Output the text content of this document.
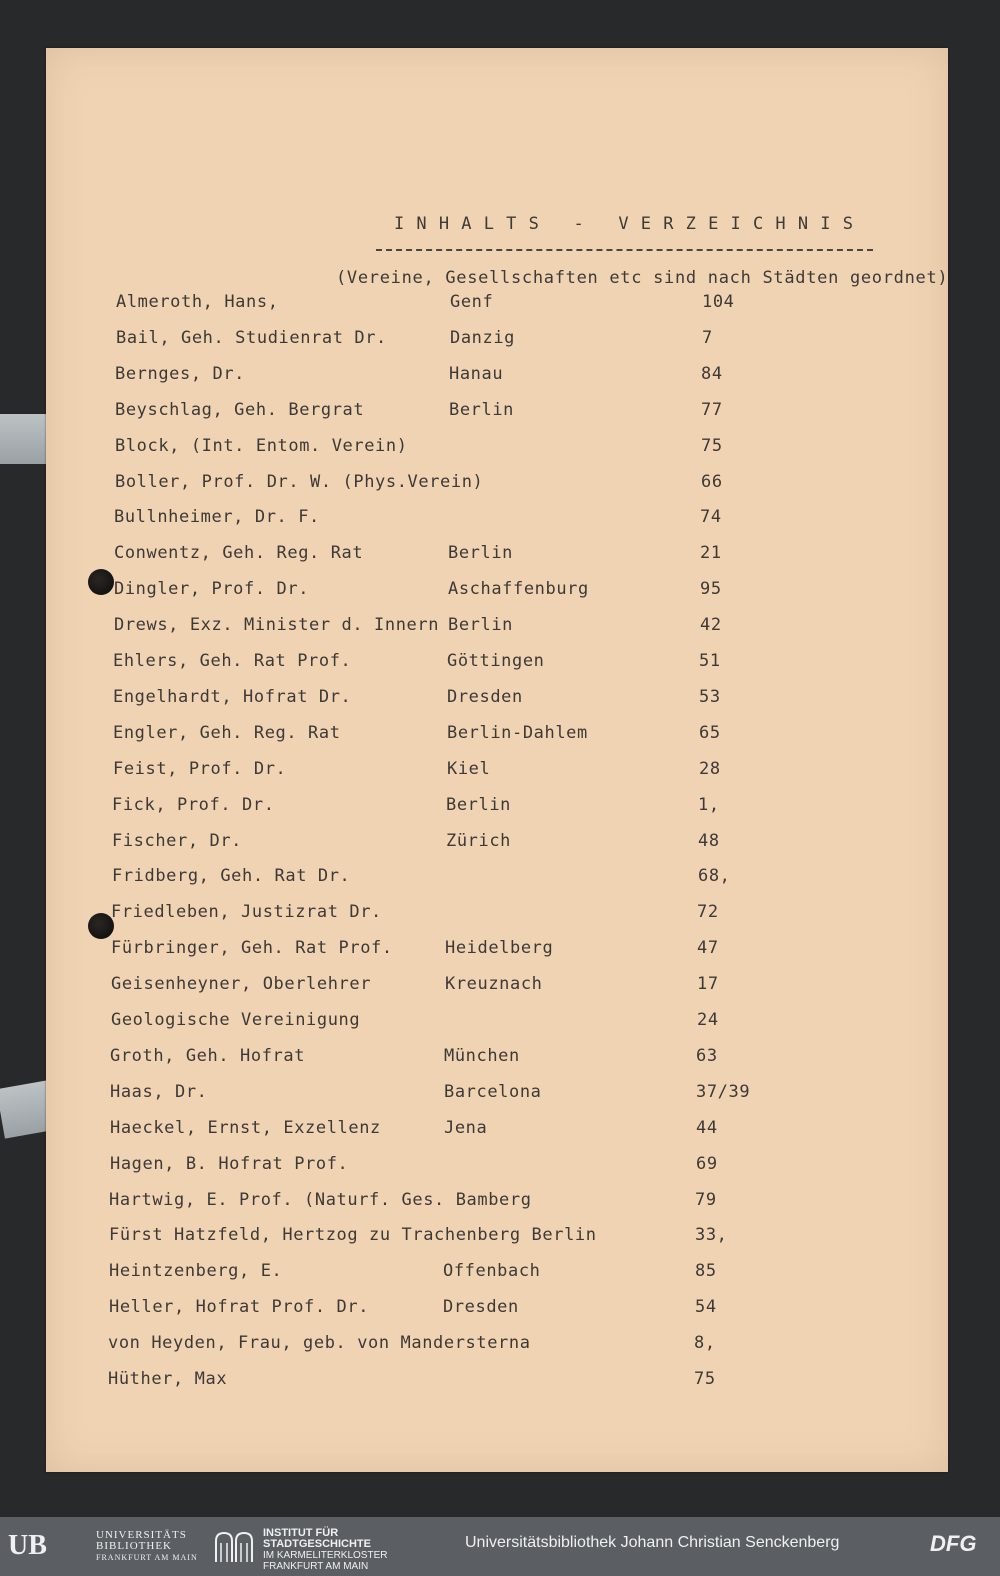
INHALTS - VERZEICHNIS
(Vereine, Gesellschaften etc sind nach Städten geordnet)
Almeroth, Hans,	Genf	104
Bail, Geh. Studienrat Dr.	Danzig	7
Bernges, Dr.	Hanau	84
Beyschlag, Geh. Bergrat	Berlin	77
Block, (Int. Entom. Verein)	75
Boller, Prof. Dr. W. (Phys.Verein)	66
Bullnheimer, Dr. F.	74
Conwentz, Geh. Reg. Rat	Berlin	21
Dingler, Prof. Dr.	Aschaffenburg	95
Drews, Exz. Minister d. Innern Berlin	42
Ehlers, Geh. Rat Prof.	Göttingen	51
Engelhardt, Hofrat Dr.	Dresden	53
Engler, Geh. Reg. Rat	Berlin-Dahlem	65
Feist, Prof. Dr.	Kiel	28
Fick, Prof. Dr.	Berlin	1,
Fischer, Dr.	Zürich	48
Fridberg, Geh. Rat Dr.	68,
Friedleben, Justizrat Dr.	72
Fürbringer, Geh. Rat Prof.	Heidelberg	47
Geisenheyner, Oberlehrer	Kreuznach	17
Geologische Vereinigung	24
Groth, Geh. Hofrat	München	63
Haas, Dr.	Barcelona	37/39
Haeckel, Ernst, Exzellenz	Jena	44
Hagen, B. Hofrat Prof.	69
Hartwig, E. Prof. (Naturf. Ges. Bamberg	79
Fürst Hatzfeld, Hertzog zu Trachenberg Berlin	33,
Heintzenberg, E.	Offenbach	85
Heller, Hofrat Prof. Dr.	Dresden	54
von Heyden, Frau, geb. von Mandersterna	8,
Hüther, Max	75
UB	UNIVERSITÄTS
BIBLIOTHEK
FRANKFURT AM MAIN
INSTITUT FÜR
STADTGESCHICHTE
IM KARMELITERKLOSTER
FRANKFURT AM MAIN
Universitätsbibliothek Johann Christian Senckenberg	DFG
